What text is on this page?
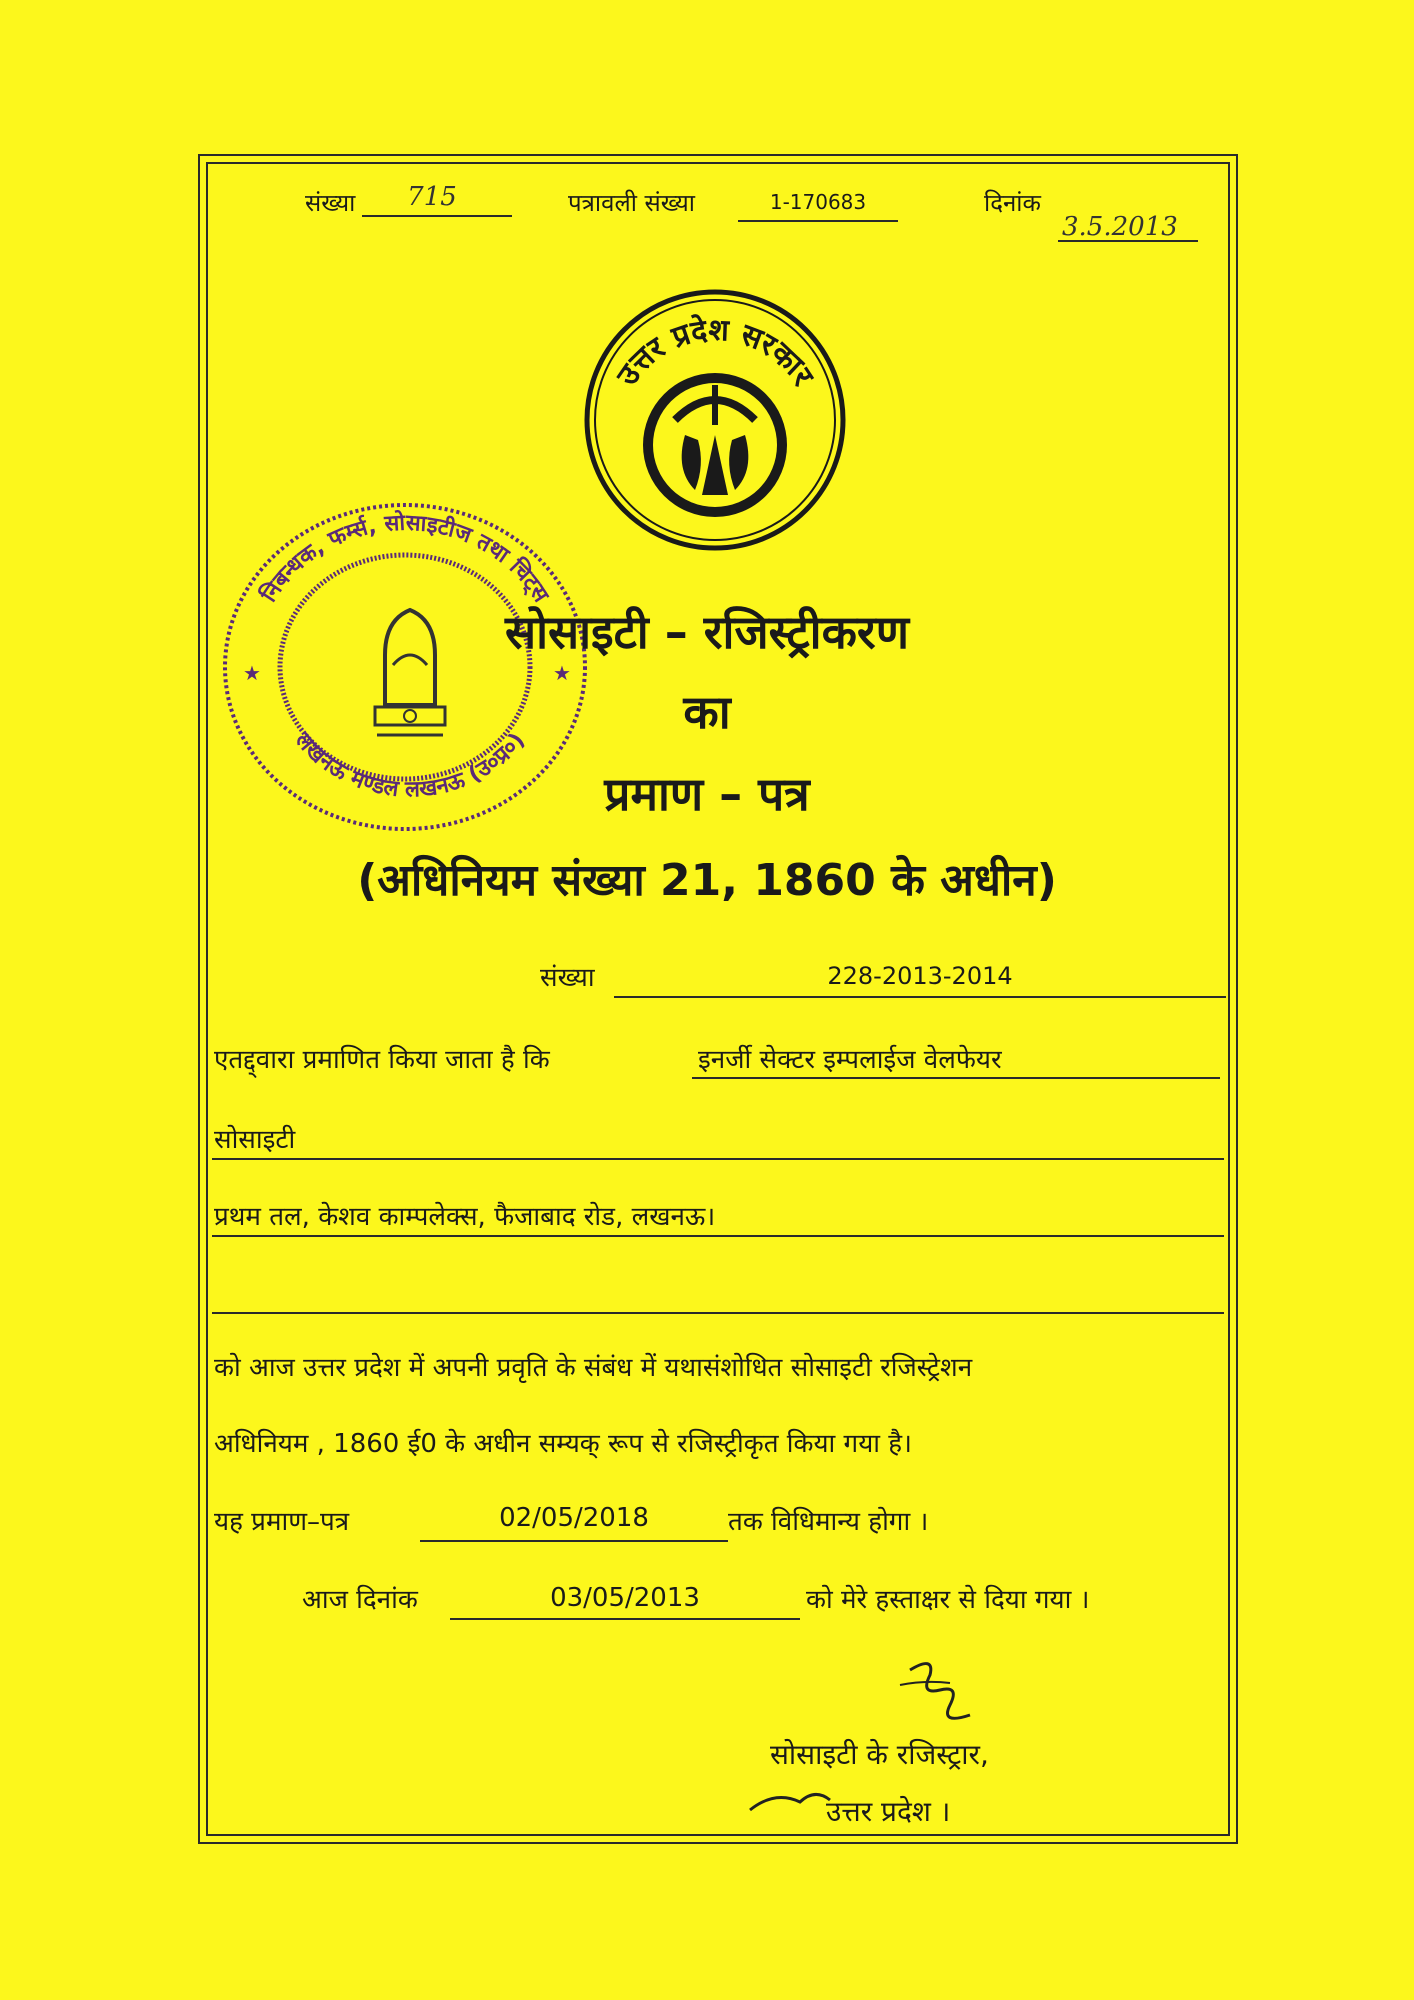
संख्या	715	पत्रावली संख्या	1-170683	दिनांक
3.5.2013
उत्तर प्रदेश सरकार
निबन्धक, फर्म्स, सोसाइटीज तथा चिट्स
लखनऊ मण्डल लखनऊ (उ०प्र०)
★	★
सोसाइटी – रजिस्ट्रीकरण
का
प्रमाण – पत्र
(अधिनियम संख्या 21, 1860 के अधीन)
संख्या	228-2013-2014
एतद्द्वारा प्रमाणित किया जाता है कि	इनर्जी सेक्टर इम्पलाईज वेलफेयर
सोसाइटी
प्रथम तल, केशव काम्पलेक्स, फैजाबाद रोड, लखनऊ।
को आज उत्तर प्रदेश में अपनी प्रवृति के संबंध में यथासंशोधित सोसाइटी रजिस्ट्रेशन
अधिनियम , 1860 ई0 के अधीन सम्यक् रूप से रजिस्ट्रीकृत किया गया है।
यह प्रमाण–पत्र	02/05/2018	तक विधिमान्य होगा ।
आज दिनांक	03/05/2013	को मेरे हस्ताक्षर से दिया गया ।
सोसाइटी के रजिस्ट्रार,
उत्तर प्रदेश ।
